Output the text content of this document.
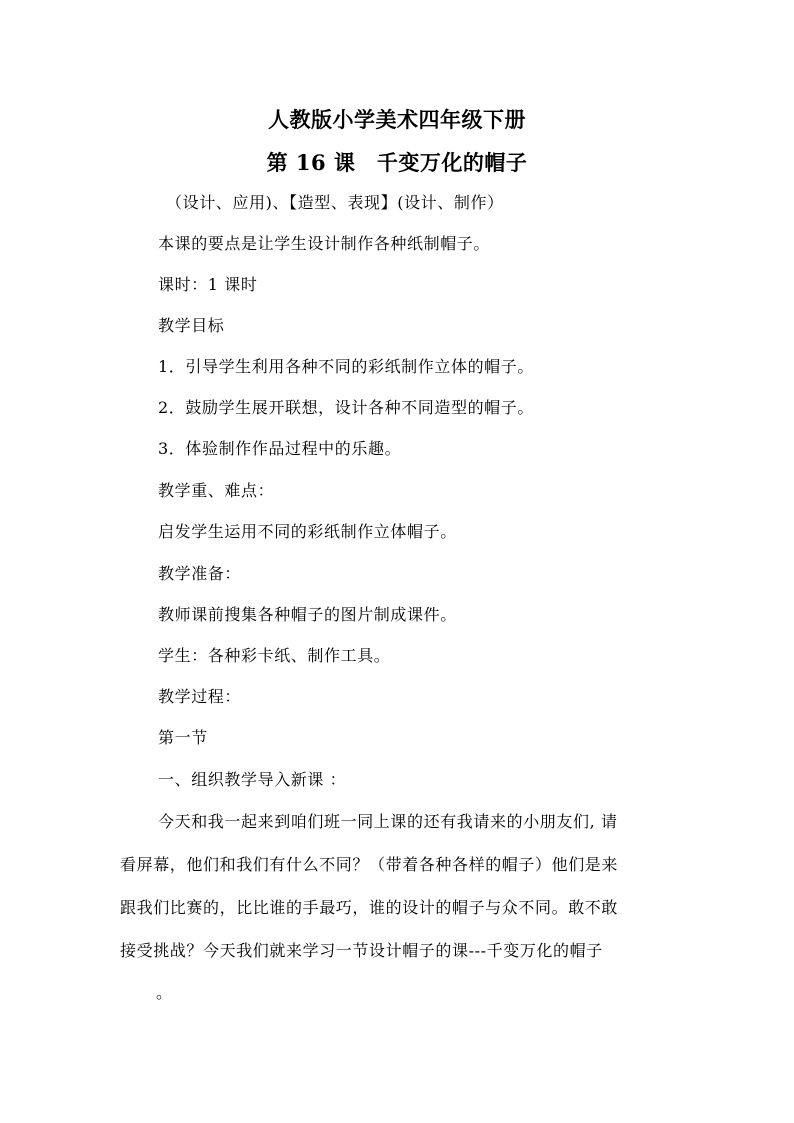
人教版小学美术四年级下册
第 16 课　千变万化的帽子
（设计、应用)、【造型、表现】(设计、制作）
本课的要点是让学生设计制作各种纸制帽子。
课时：1 课时
教学目标
1．引导学生利用各种不同的彩纸制作立体的帽子。
2．鼓励学生展开联想，设计各种不同造型的帽子。
3．体验制作作品过程中的乐趣。
教学重、难点：
启发学生运用不同的彩纸制作立体帽子。
教学准备：
教师课前搜集各种帽子的图片制成课件。
学生：各种彩卡纸、制作工具。
教学过程：
第一节
一、组织教学导入新课 ：
今天和我一起来到咱们班一同上课的还有我请来的小朋友们, 请
看屏幕，他们和我们有什么不同？（带着各种各样的帽子）他们是来
跟我们比赛的，比比谁的手最巧，谁的设计的帽子与众不同。敢不敢
接受挑战？今天我们就来学习一节设计帽子的课---千变万化的帽子
。
